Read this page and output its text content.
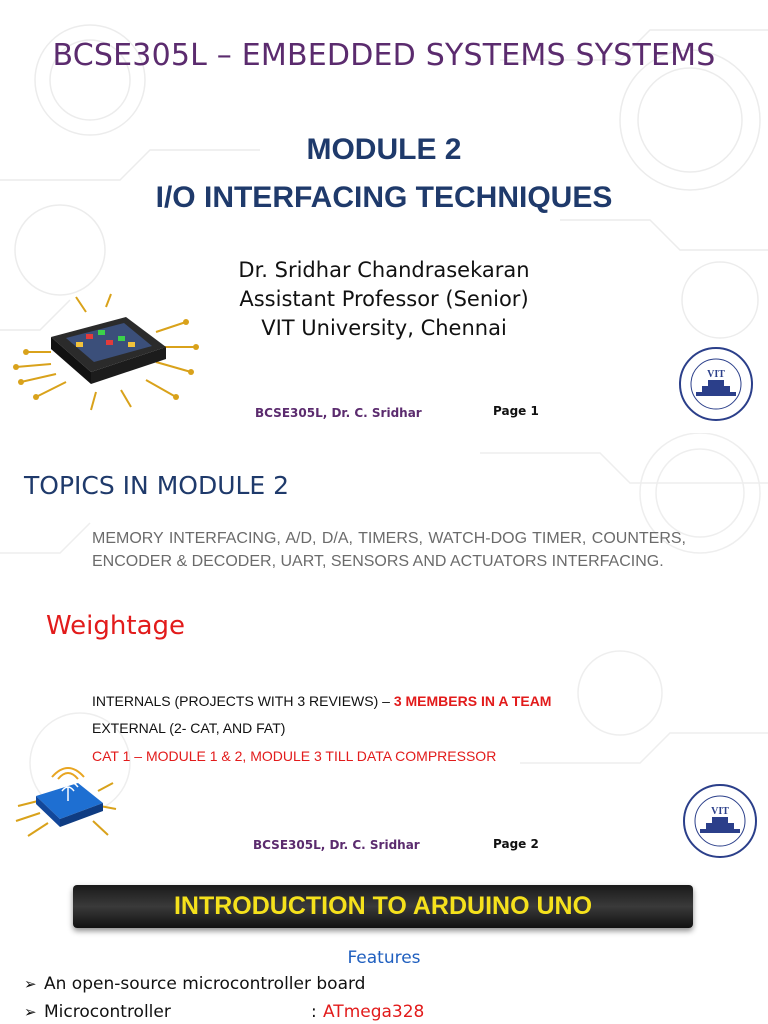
BCSE305L – EMBEDDED SYSTEMS SYSTEMS
MODULE 2
I/O INTERFACING TECHNIQUES
Dr. Sridhar Chandrasekaran
Assistant Professor (Senior)
VIT University, Chennai
BCSE305L, Dr. C. Sridhar	Page 1
VIT
TOPICS IN MODULE 2
MEMORY INTERFACING, A/D, D/A, TIMERS, WATCH-DOG TIMER, COUNTERS, ENCODER & DECODER, UART, SENSORS AND ACTUATORS INTERFACING.
Weightage
INTERNALS (PROJECTS WITH 3 REVIEWS) – 3 MEMBERS IN A TEAM
EXTERNAL (2- CAT, AND FAT)
CAT 1 – MODULE 1 & 2, MODULE 3 TILL DATA COMPRESSOR
BCSE305L, Dr. C. Sridhar	Page 2
VIT
INTRODUCTION TO ARDUINO UNO
Features
➢ An open-source microcontroller board
➢ Microcontroller	: ATmega328
